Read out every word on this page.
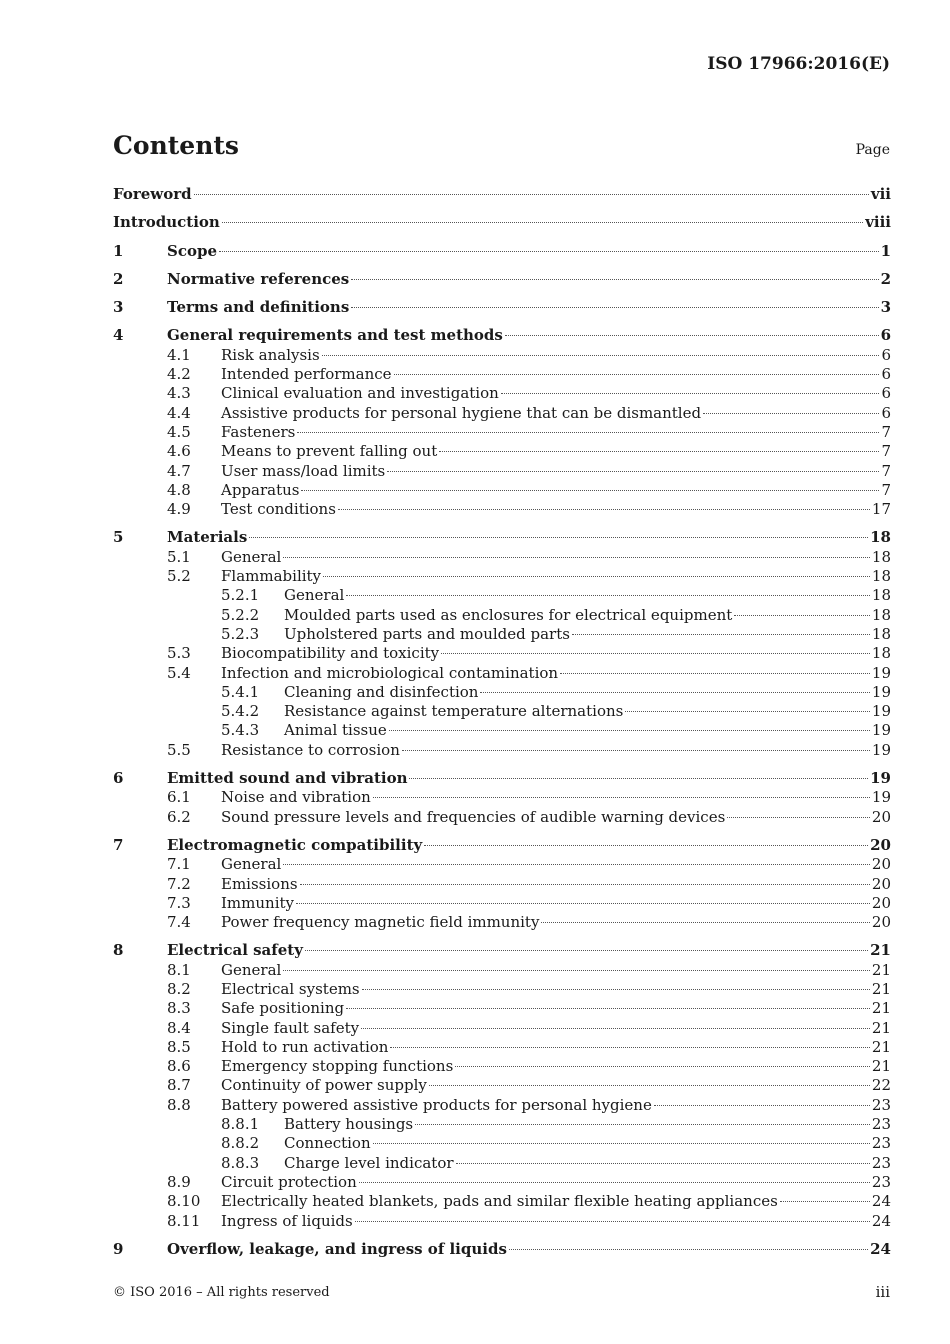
ISO 17966:2016(E)
Contents	Page
Foreword	vii
Introduction	viii
1	Scope	1
2	Normative references	2
3	Terms and definitions	3
4	General requirements and test methods	6
4.1	Risk analysis	6
4.2	Intended performance	6
4.3	Clinical evaluation and investigation	6
4.4	Assistive products for personal hygiene that can be dismantled	6
4.5	Fasteners	7
4.6	Means to prevent falling out	7
4.7	User mass/load limits	7
4.8	Apparatus	7
4.9	Test conditions	17
5	Materials	18
5.1	General	18
5.2	Flammability	18
5.2.1	General	18
5.2.2	Moulded parts used as enclosures for electrical equipment	18
5.2.3	Upholstered parts and moulded parts	18
5.3	Biocompatibility and toxicity	18
5.4	Infection and microbiological contamination	19
5.4.1	Cleaning and disinfection	19
5.4.2	Resistance against temperature alternations	19
5.4.3	Animal tissue	19
5.5	Resistance to corrosion	19
6	Emitted sound and vibration	19
6.1	Noise and vibration	19
6.2	Sound pressure levels and frequencies of audible warning devices	20
7	Electromagnetic compatibility	20
7.1	General	20
7.2	Emissions	20
7.3	Immunity	20
7.4	Power frequency magnetic field immunity	20
8	Electrical safety	21
8.1	General	21
8.2	Electrical systems	21
8.3	Safe positioning	21
8.4	Single fault safety	21
8.5	Hold to run activation	21
8.6	Emergency stopping functions	21
8.7	Continuity of power supply	22
8.8	Battery powered assistive products for personal hygiene	23
8.8.1	Battery housings	23
8.8.2	Connection	23
8.8.3	Charge level indicator	23
8.9	Circuit protection	23
8.10	Electrically heated blankets, pads and similar flexible heating appliances	24
8.11	Ingress of liquids	24
9	Overflow, leakage, and ingress of liquids	24
© ISO 2016 – All rights reserved	iii
